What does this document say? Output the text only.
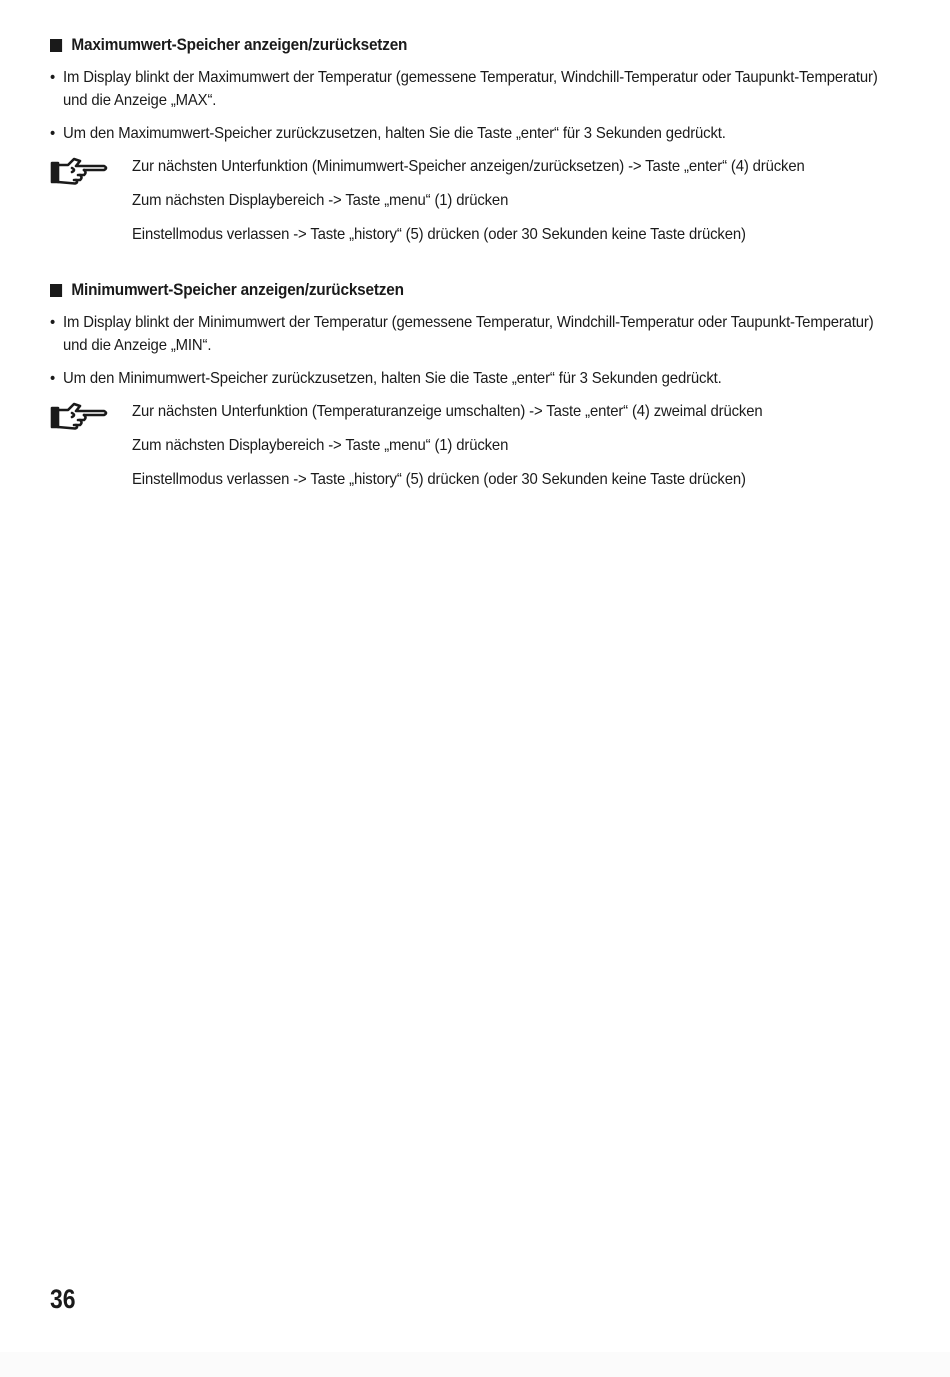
Maximumwert-Speicher anzeigen/zurücksetzen
• Im Display blinkt der Maximumwert der Temperatur (gemessene Temperatur, Windchill-Temperatur oder Taupunkt-Temperatur) und die Anzeige „MAX“.
• Um den Maximumwert-Speicher zurückzusetzen, halten Sie die Taste „enter“ für 3 Sekunden gedrückt.
Zur nächsten Unterfunktion (Minimumwert-Speicher anzeigen/zurücksetzen) -> Taste „enter“ (4) drücken
Zum nächsten Displaybereich -> Taste „menu“ (1) drücken
Einstellmodus verlassen -> Taste „history“ (5) drücken (oder 30 Sekunden keine Taste drücken)
Minimumwert-Speicher anzeigen/zurücksetzen
• Im Display blinkt der Minimumwert der Temperatur (gemessene Temperatur, Windchill-Temperatur oder Taupunkt-Temperatur) und die Anzeige „MIN“.
• Um den Minimumwert-Speicher zurückzusetzen, halten Sie die Taste „enter“ für 3 Sekunden gedrückt.
Zur nächsten Unterfunktion (Temperaturanzeige umschalten) -> Taste „enter“ (4) zweimal drücken
Zum nächsten Displaybereich -> Taste „menu“ (1) drücken
Einstellmodus verlassen -> Taste „history“ (5) drücken (oder 30 Sekunden keine Taste drücken)
36
